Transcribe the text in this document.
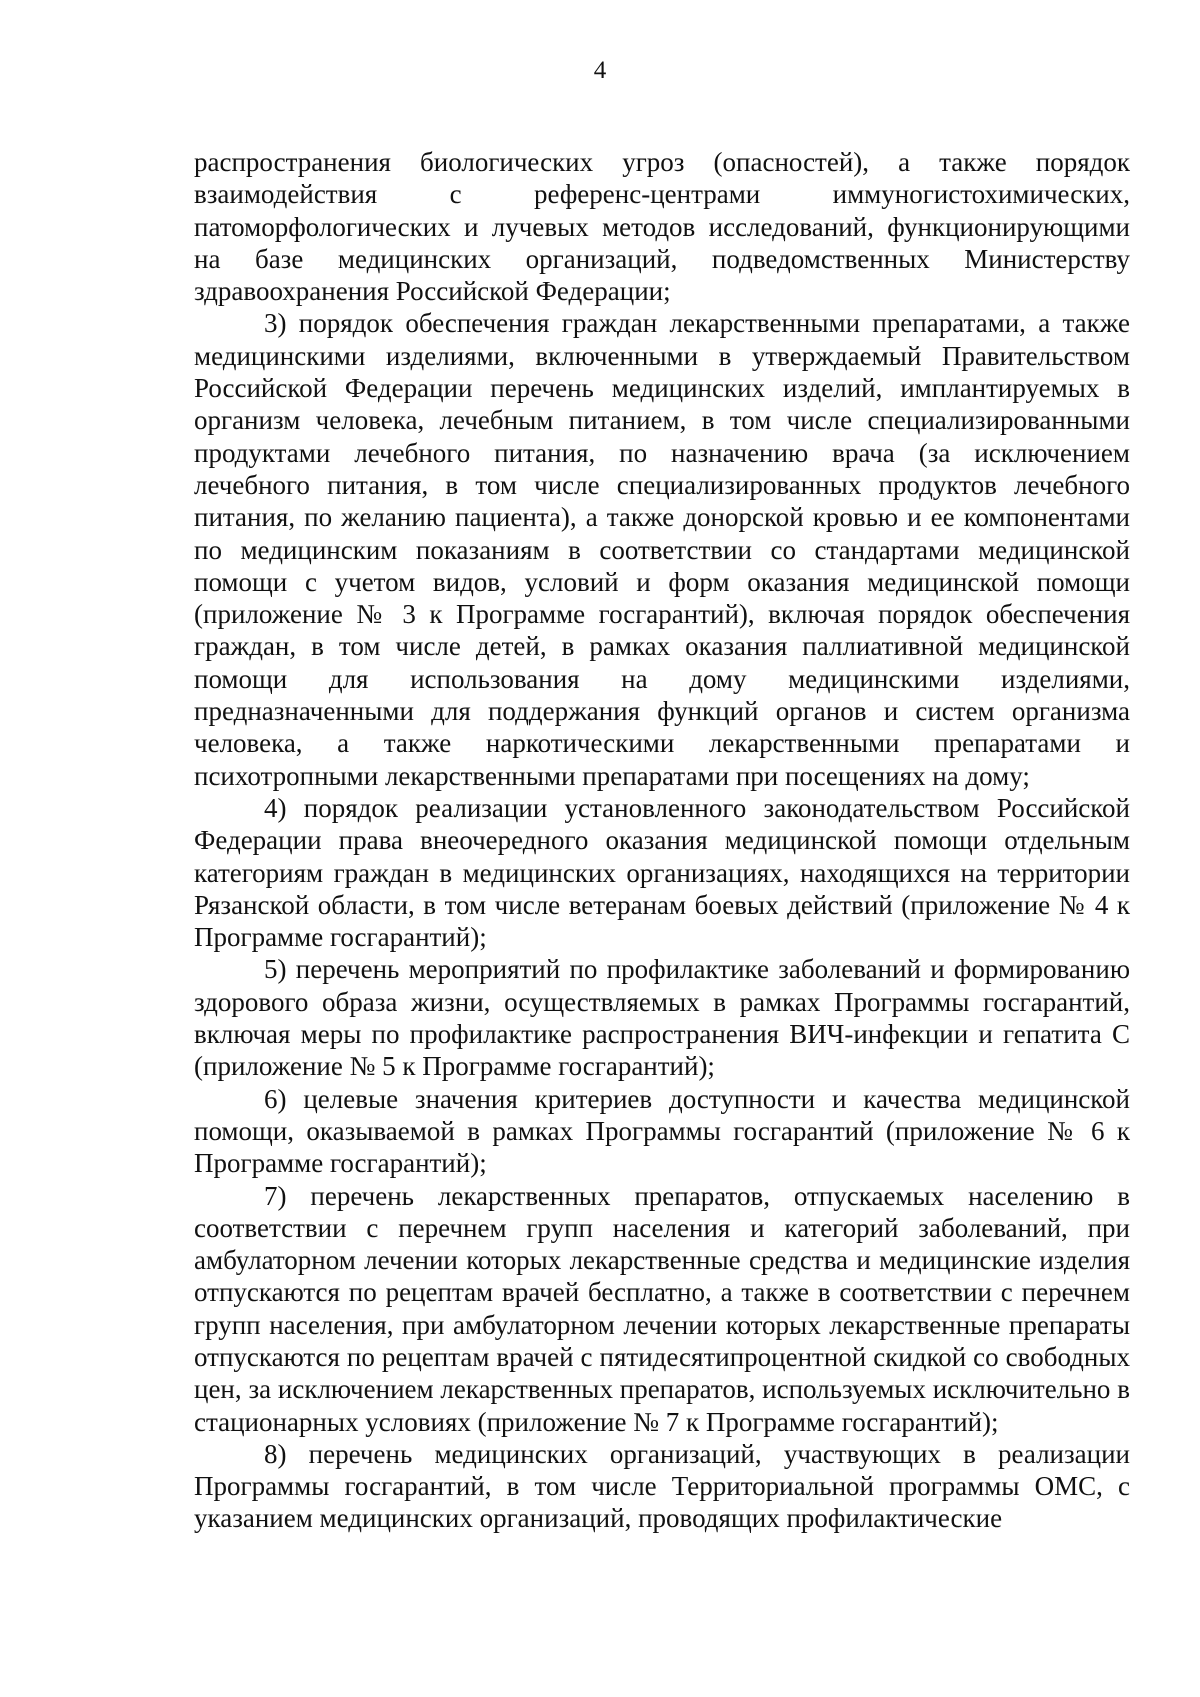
4

распространения биологических угроз (опасностей), а также порядок взаимодействия с референс-центрами иммуногистохимических, патоморфологических и лучевых методов исследований, функционирующими на базе медицинских организаций, подведомственных Министерству здравоохранения Российской Федерации;

3) порядок обеспечения граждан лекарственными препаратами, а также медицинскими изделиями, включенными в утверждаемый Правительством Российской Федерации перечень медицинских изделий, имплантируемых в организм человека, лечебным питанием, в том числе специализированными продуктами лечебного питания, по назначению врача (за исключением лечебного питания, в том числе специализированных продуктов лечебного питания, по желанию пациента), а также донорской кровью и ее компонентами по медицинским показаниям в соответствии со стандартами медицинской помощи с учетом видов, условий и форм оказания медицинской помощи (приложение № 3 к Программе госгарантий), включая порядок обеспечения граждан, в том числе детей, в рамках оказания паллиативной медицинской помощи для использования на дому медицинскими изделиями, предназначенными для поддержания функций органов и систем организма человека, а также наркотическими лекарственными препаратами и психотропными лекарственными препаратами при посещениях на дому;

4) порядок реализации установленного законодательством Российской Федерации права внеочередного оказания медицинской помощи отдельным категориям граждан в медицинских организациях, находящихся на территории Рязанской области, в том числе ветеранам боевых действий (приложение № 4 к Программе госгарантий);

5) перечень мероприятий по профилактике заболеваний и формированию здорового образа жизни, осуществляемых в рамках Программы госгарантий, включая меры по профилактике распространения ВИЧ-инфекции и гепатита С (приложение № 5 к Программе госгарантий);

6) целевые значения критериев доступности и качества медицинской помощи, оказываемой в рамках Программы госгарантий (приложение № 6 к Программе госгарантий);

7) перечень лекарственных препаратов, отпускаемых населению в соответствии с перечнем групп населения и категорий заболеваний, при амбулаторном лечении которых лекарственные средства и медицинские изделия отпускаются по рецептам врачей бесплатно, а также в соответствии с перечнем групп населения, при амбулаторном лечении которых лекарственные препараты отпускаются по рецептам врачей с пятидесятипроцентной скидкой со свободных цен, за исключением лекарственных препаратов, используемых исключительно в стационарных условиях (приложение № 7 к Программе госгарантий);

8) перечень медицинских организаций, участвующих в реализации Программы госгарантий, в том числе Территориальной программы ОМС, с указанием медицинских организаций, проводящих профилактические
